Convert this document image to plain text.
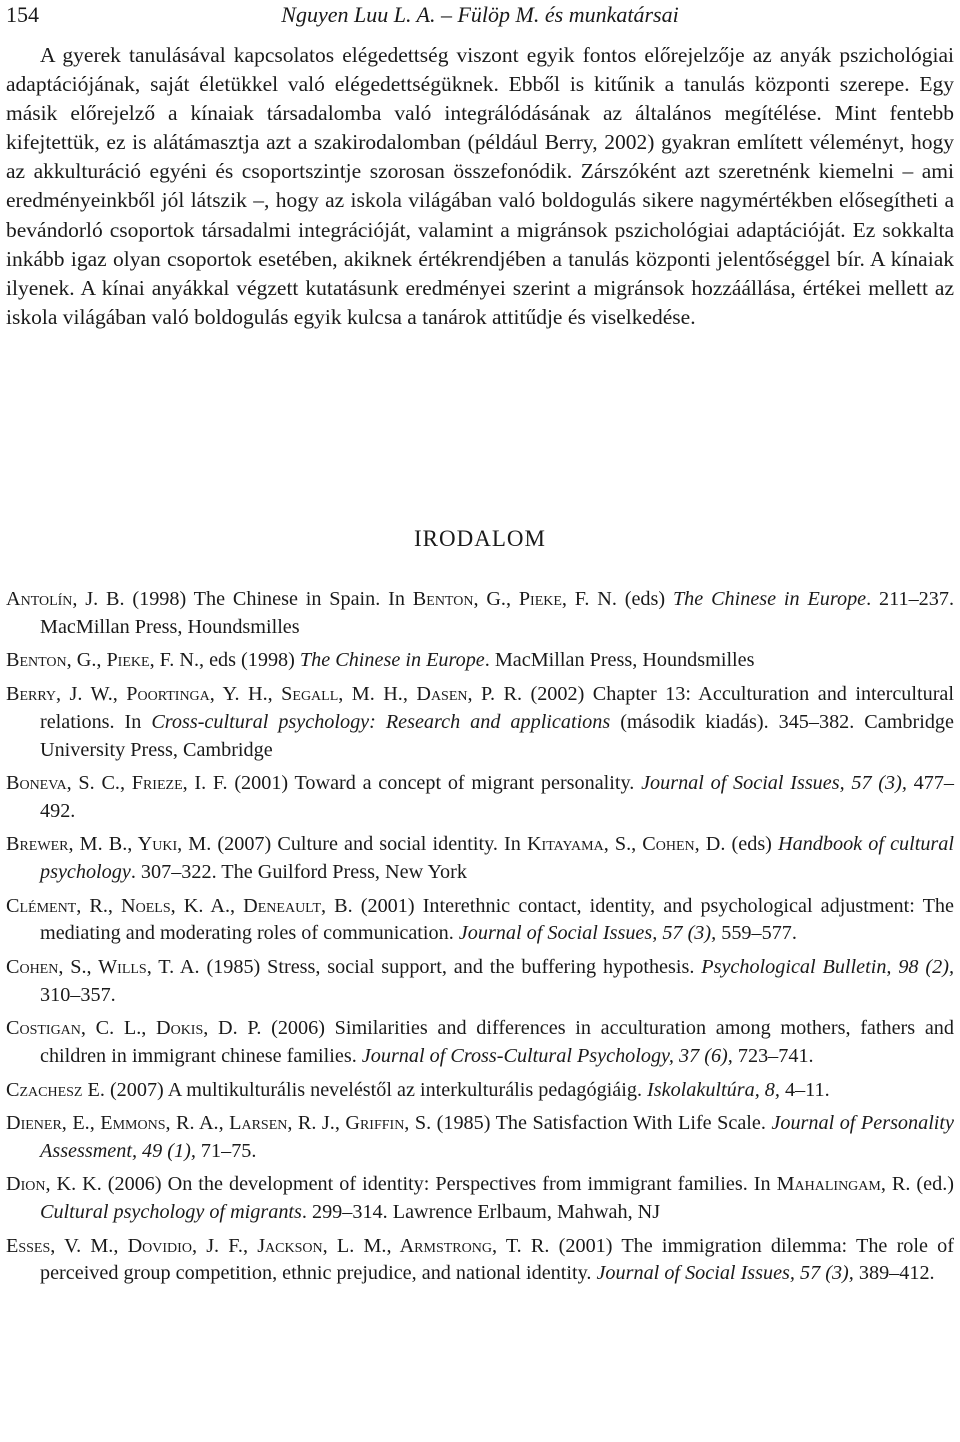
154	Nguyen Luu L. A. – Fülöp M. és munkatársai

A gyerek tanulásával kapcsolatos elégedettség viszont egyik fontos előrejelzője az anyák pszichológiai adaptációjának, saját életükkel való elégedettségüknek. Ebből is kitűnik a tanulás központi szerepe. Egy másik előrejelző a kínaiak társadalomba való integrálódásának az általános megítélése. Mint fentebb kifejtettük, ez is alátámasztja azt a szakirodalomban (például Berry, 2002) gyakran említett véleményt, hogy az akkulturáció egyéni és csoportszintje szorosan összefonódik. Zárszóként azt szeretnénk kiemelni – ami eredményeinkből jól látszik –, hogy az iskola világában való boldogulás sikere nagymértékben elősegítheti a bevándorló csoportok társadalmi integrációját, valamint a migránsok pszichológiai adaptációját. Ez sokkalta inkább igaz olyan csoportok esetében, akiknek értékrendjében a tanulás központi jelentőséggel bír. A kínaiak ilyenek. A kínai anyákkal végzett kutatásunk eredményei szerint a migránsok hozzáállása, értékei mellett az iskola világában való boldogulás egyik kulcsa a tanárok attitűdje és viselkedése.

IRODALOM

Antolín, J. B. (1998) The Chinese in Spain. In Benton, G., Pieke, F. N. (eds) The Chinese in Europe. 211–237. MacMillan Press, Houndsmilles

Benton, G., Pieke, F. N., eds (1998) The Chinese in Europe. MacMillan Press, Houndsmilles

Berry, J. W., Poortinga, Y. H., Segall, M. H., Dasen, P. R. (2002) Chapter 13: Acculturation and intercultural relations. In Cross-cultural psychology: Research and applications (második kiadás). 345–382. Cambridge University Press, Cambridge

Boneva, S. C., Frieze, I. F. (2001) Toward a concept of migrant personality. Journal of Social Issues, 57 (3), 477–492.

Brewer, M. B., Yuki, M. (2007) Culture and social identity. In Kitayama, S., Cohen, D. (eds) Handbook of cultural psychology. 307–322. The Guilford Press, New York

Clément, R., Noels, K. A., Deneault, B. (2001) Interethnic contact, identity, and psychological adjustment: The mediating and moderating roles of communication. Journal of Social Issues, 57 (3), 559–577.

Cohen, S., Wills, T. A. (1985) Stress, social support, and the buffering hypothesis. Psychological Bulletin, 98 (2), 310–357.

Costigan, C. L., Dokis, D. P. (2006) Similarities and differences in acculturation among mothers, fathers and children in immigrant chinese families. Journal of Cross-Cultural Psychology, 37 (6), 723–741.

Czachesz E. (2007) A multikulturális neveléstől az interkulturális pedagógiáig. Iskolakultúra, 8, 4–11.

Diener, E., Emmons, R. A., Larsen, R. J., Griffin, S. (1985) The Satisfaction With Life Scale. Journal of Personality Assessment, 49 (1), 71–75.

Dion, K. K. (2006) On the development of identity: Perspectives from immigrant families. In Mahalingam, R. (ed.) Cultural psychology of migrants. 299–314. Lawrence Erlbaum, Mahwah, NJ

Esses, V. M., Dovidio, J. F., Jackson, L. M., Armstrong, T. R. (2001) The immigration dilemma: The role of perceived group competition, ethnic prejudice, and national identity. Journal of Social Issues, 57 (3), 389–412.
